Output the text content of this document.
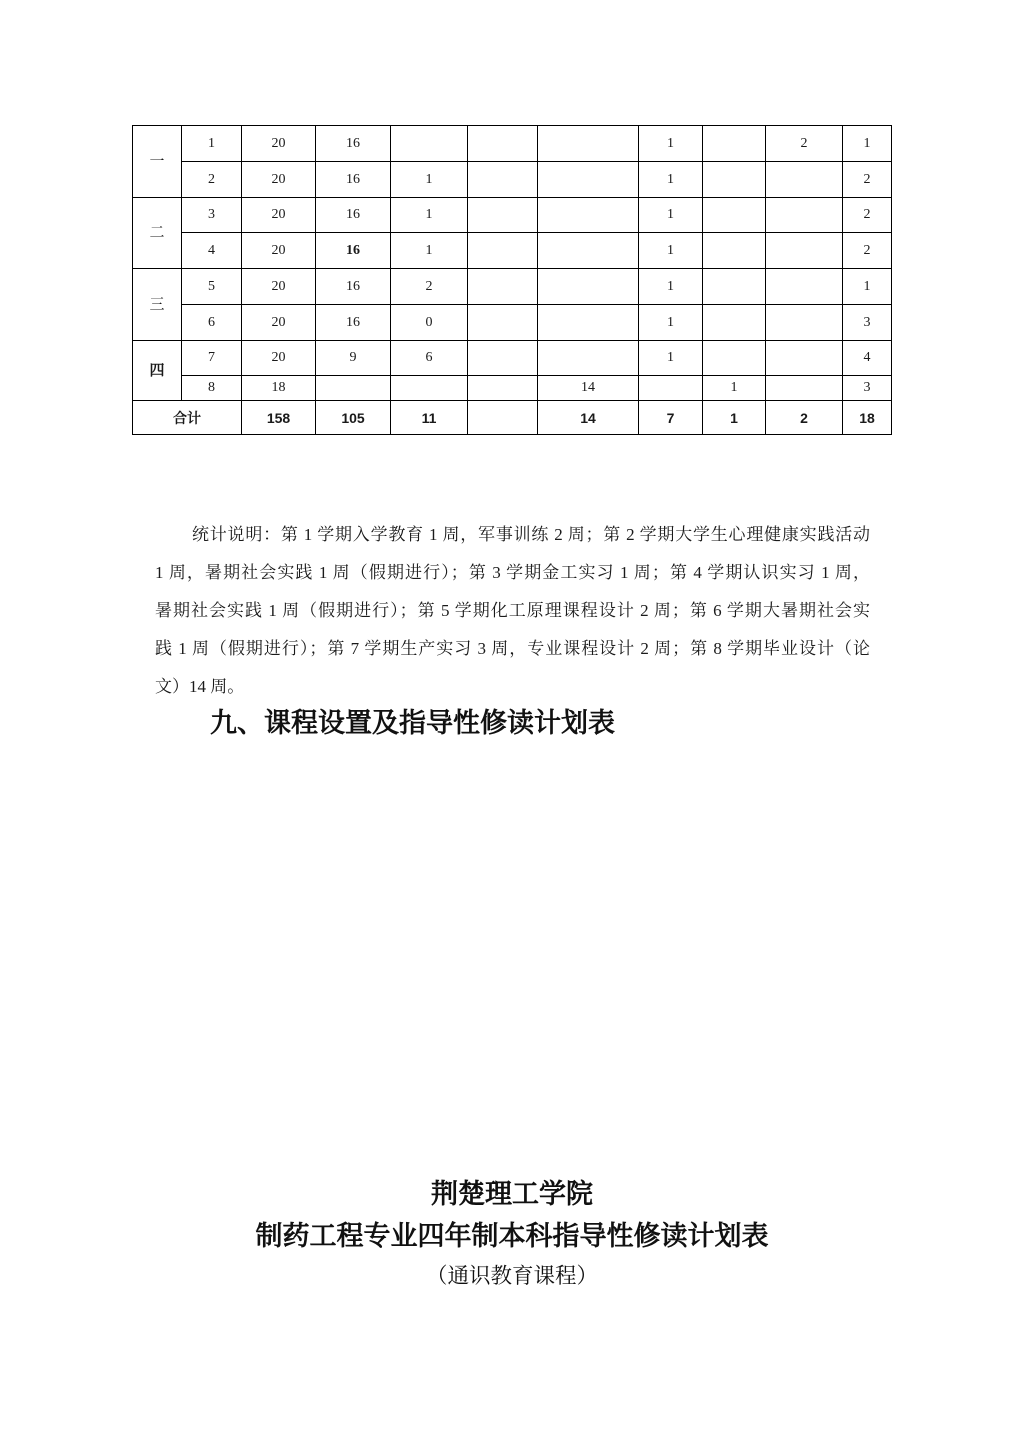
一	1	20	16				1		2	1
	2	20	16	1			1			2
二	3	20	16	1			1			2
	4	20	16	1			1			2
三	5	20	16	2			1			1
	6	20	16	0			1			3
四	7	20	9	6			1			4
	8	18				14		1		3
合计		158	105	11		14	7	1	2	18
统计说明：第 1 学期入学教育 1 周，军事训练 2 周；第 2 学期大学生心理健康实践活动
1 周，暑期社会实践 1 周（假期进行）；第 3 学期金工实习 1 周；第 4 学期认识实习 1 周，
暑期社会实践 1 周（假期进行）；第 5 学期化工原理课程设计 2 周；第 6 学期大暑期社会实
践 1 周（假期进行）；第 7 学期生产实习 3 周，专业课程设计 2 周；第 8 学期毕业设计（论
文）14 周。
九、课程设置及指导性修读计划表
荆楚理工学院
制药工程专业四年制本科指导性修读计划表
（通识教育课程）
